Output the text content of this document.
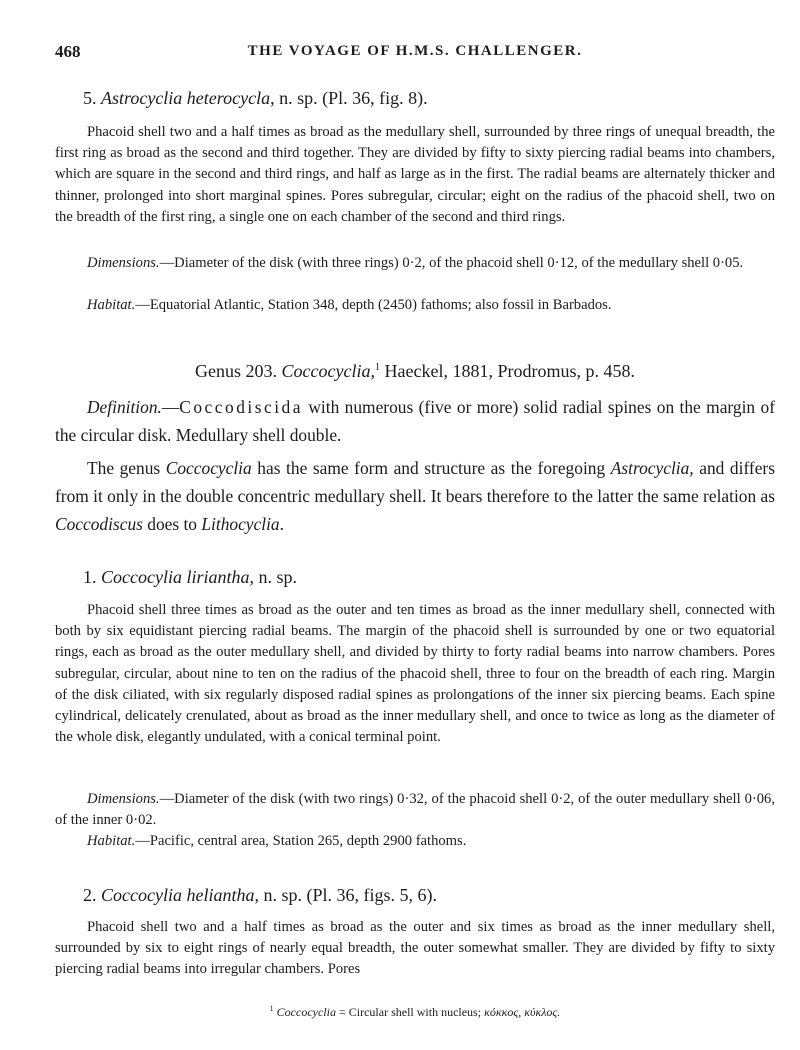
468	THE VOYAGE OF H.M.S. CHALLENGER.
5. Astrocyclia heterocycla, n. sp. (Pl. 36, fig. 8).
Phacoid shell two and a half times as broad as the medullary shell, surrounded by three rings of unequal breadth, the first ring as broad as the second and third together. They are divided by fifty to sixty piercing radial beams into chambers, which are square in the second and third rings, and half as large as in the first. The radial beams are alternately thicker and thinner, prolonged into short marginal spines. Pores subregular, circular; eight on the radius of the phacoid shell, two on the breadth of the first ring, a single one on each chamber of the second and third rings.
Dimensions.—Diameter of the disk (with three rings) 0·2, of the phacoid shell 0·12, of the medullary shell 0·05.
Habitat.—Equatorial Atlantic, Station 348, depth (2450) fathoms; also fossil in Barbados.
Genus 203. Coccocyclia,$^1$ Haeckel, 1881, Prodromus, p. 458.
Definition.—Coccodiscida with numerous (five or more) solid radial spines on the margin of the circular disk. Medullary shell double.
The genus Coccocyclia has the same form and structure as the foregoing Astrocyclia, and differs from it only in the double concentric medullary shell. It bears therefore to the latter the same relation as Coccodiscus does to Lithocyclia.
1. Coccocylia liriantha, n. sp.
Phacoid shell three times as broad as the outer and ten times as broad as the inner medullary shell, connected with both by six equidistant piercing radial beams. The margin of the phacoid shell is surrounded by one or two equatorial rings, each as broad as the outer medullary shell, and divided by thirty to forty radial beams into narrow chambers. Pores subregular, circular, about nine to ten on the radius of the phacoid shell, three to four on the breadth of each ring. Margin of the disk ciliated, with six regularly disposed radial spines as prolongations of the inner six piercing beams. Each spine cylindrical, delicately crenulated, about as broad as the inner medullary shell, and once to twice as long as the diameter of the whole disk, elegantly undulated, with a conical terminal point.
Dimensions.—Diameter of the disk (with two rings) 0·32, of the phacoid shell 0·2, of the outer medullary shell 0·06, of the inner 0·02.
Habitat.—Pacific, central area, Station 265, depth 2900 fathoms.
2. Coccocylia heliantha, n. sp. (Pl. 36, figs. 5, 6).
Phacoid shell two and a half times as broad as the outer and six times as broad as the inner medullary shell, surrounded by six to eight rings of nearly equal breadth, the outer somewhat smaller. They are divided by fifty to sixty piercing radial beams into irregular chambers. Pores
$^1$ Coccocyclia = Circular shell with nucleus; κόκκος, κύκλος.
